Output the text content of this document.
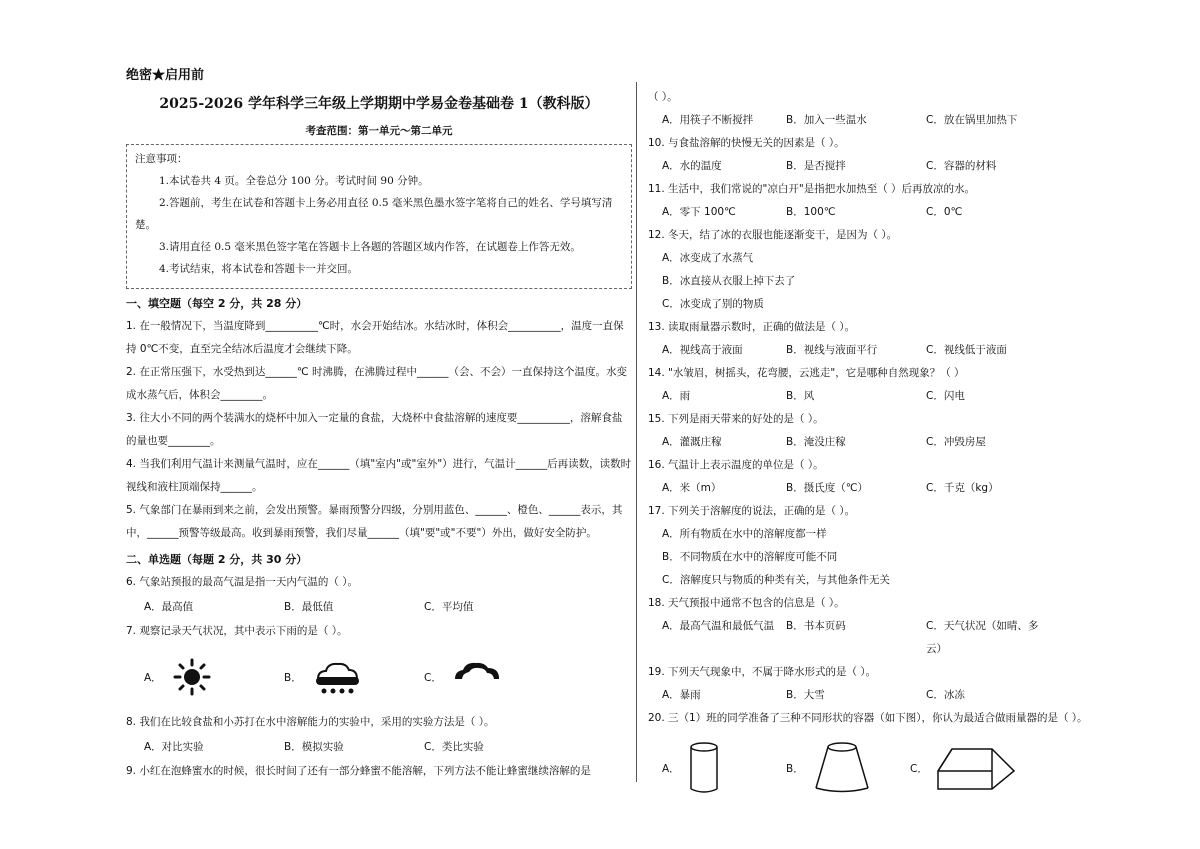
绝密★启用前
2025-2026 学年科学三年级上学期期中学易金卷基础卷 1（教科版）
考查范围：第一单元～第二单元
注意事项：

1.本试卷共 4 页。全卷总分 100 分。考试时间 90 分钟。

2.答题前，考生在试卷和答题卡上务必用直径 0.5 毫米黑色墨水签字笔将自己的姓名、学号填写清楚。

3.请用直径 0.5 毫米黑色签字笔在答题卡上各题的答题区域内作答，在试题卷上作答无效。

4.考试结束，将本试卷和答题卡一并交回。

一、填空题（每空 2 分，共 28 分）

1. 在一般情况下，当温度降到__________℃时，水会开始结冰。水结冰时，体积会__________，温度一直保持 0℃不变，直至完全结冰后温度才会继续下降。

2. 在正常压强下，水受热到达______℃ 时沸腾，在沸腾过程中______（会、不会）一直保持这个温度。水变成水蒸气后，体积会________。

3. 往大小不同的两个装满水的烧杯中加入一定量的食盐，大烧杯中食盐溶解的速度要__________，溶解食盐的量也要________。

4. 当我们利用气温计来测量气温时，应在______（填"室内"或"室外"）进行，气温计______后再读数，读数时视线和液柱顶端保持______。

5. 气象部门在暴雨到来之前，会发出预警。暴雨预警分四级，分别用蓝色、______、橙色、______表示，其中，______预警等级最高。收到暴雨预警，我们尽量______（填"要"或"不要"）外出，做好安全防护。

二、单选题（每题 2 分，共 30 分）

6. 气象站预报的最高气温是指一天内气温的（ ）。

A．最高值	B．最低值	C．平均值

7. 观察记录天气状况，其中表示下雨的是（ ）。

A．	B．	C．

8. 我们在比较食盐和小苏打在水中溶解能力的实验中，采用的实验方法是（ ）。

A．对比实验	B．模拟实验	C．类比实验

9. 小红在泡蜂蜜水的时候，很长时间了还有一部分蜂蜜不能溶解，下列方法不能让蜂蜜继续溶解的是

（ ）。

A．用筷子不断搅拌	B．加入一些温水	C．放在锅里加热下

10. 与食盐溶解的快慢无关的因素是（ ）。

A．水的温度	B．是否搅拌	C．容器的材料

11. 生活中，我们常说的"凉白开"是指把水加热至（ ）后再放凉的水。

A．零下 100℃	B．100℃	C．0℃

12. 冬天，结了冰的衣服也能逐渐变干，是因为（ ）。

A．冰变成了水蒸气
B．冰直接从衣服上掉下去了
C．冰变成了别的物质

13. 读取雨量器示数时，正确的做法是（ ）。

A．视线高于液面	B．视线与液面平行	C．视线低于液面

14. "水皱眉，树摇头，花弯腰，云逃走"，它是哪种自然现象？（ ）

A．雨	B．风	C．闪电

15. 下列是雨天带来的好处的是（ ）。

A．灌溉庄稼	B．淹没庄稼	C．冲毁房屋

16. 气温计上表示温度的单位是（ ）。

A．米（m）	B．摄氏度（℃）	C．千克（kg）

17. 下列关于溶解度的说法，正确的是（ ）。

A．所有物质在水中的溶解度都一样
B．不同物质在水中的溶解度可能不同
C．溶解度只与物质的种类有关，与其他条件无关

18. 天气预报中通常不包含的信息是（ ）。

A．最高气温和最低气温	B．书本页码	C．天气状况（如晴、多云）

19. 下列天气现象中，不属于降水形式的是（ ）。

A．暴雨	B．大雪	C．冰冻

20. 三（1）班的同学准备了三种不同形状的容器（如下图），你认为最适合做雨量器的是（ ）。

A．	B．	C．
